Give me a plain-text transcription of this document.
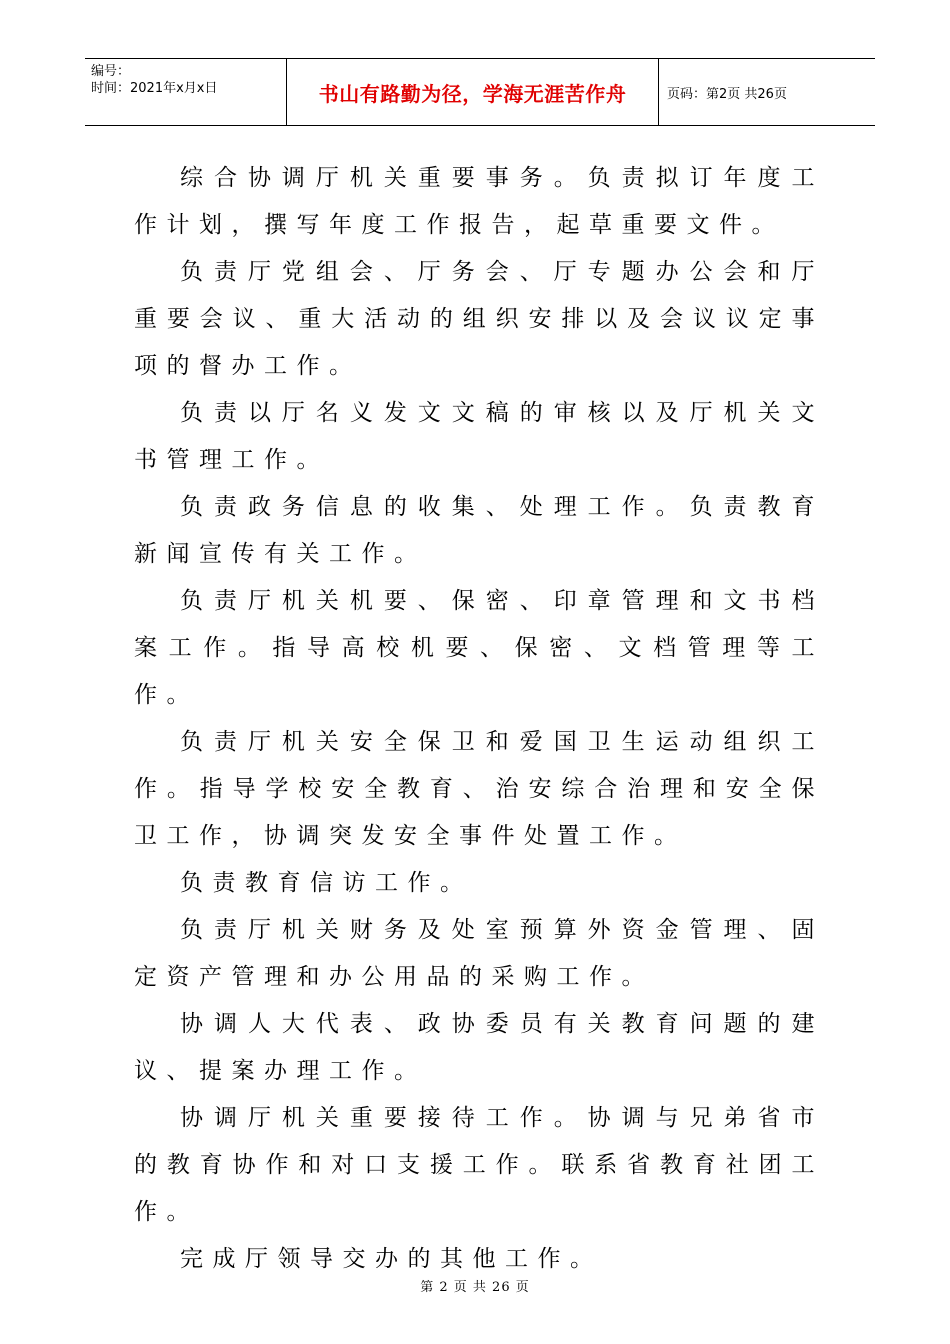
编号：
时间：2021年x月x日	书山有路勤为径，学海无涯苦作舟	页码：第2页 共26页

综合协调厅机关重要事务。负责拟订年度工作计划，撰写年度工作报告，起草重要文件。

负责厅党组会、厅务会、厅专题办公会和厅重要会议、重大活动的组织安排以及会议议定事项的督办工作。

负责以厅名义发文文稿的审核以及厅机关文书管理工作。

负责政务信息的收集、处理工作。负责教育新闻宣传有关工作。

负责厅机关机要、保密、印章管理和文书档案工作。指导高校机要、保密、文档管理等工作。

负责厅机关安全保卫和爱国卫生运动组织工作。指导学校安全教育、治安综合治理和安全保卫工作，协调突发安全事件处置工作。

负责教育信访工作。

负责厅机关财务及处室预算外资金管理、固定资产管理和办公用品的采购工作。

协调人大代表、政协委员有关教育问题的建议、提案办理工作。

协调厅机关重要接待工作。协调与兄弟省市的教育协作和对口支援工作。联系省教育社团工作。

完成厅领导交办的其他工作。

第 2 页 共 26 页
